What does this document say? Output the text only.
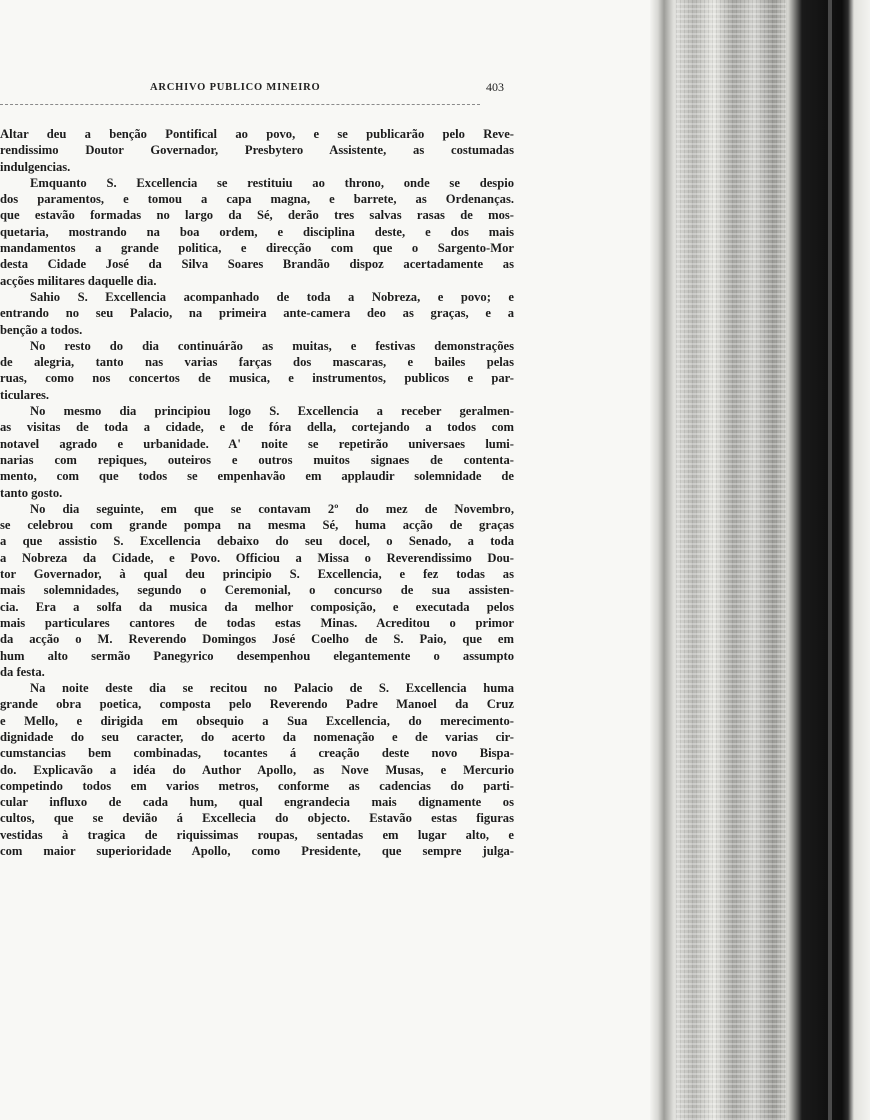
ARCHIVO PUBLICO MINEIRO	403
Altar deu a benção Pontifical ao povo, e se publicarão pelo Reve-
rendissimo Doutor Governador, Presbytero Assistente, as costumadas
indulgencias.
Emquanto S. Excellencia se restituiu ao throno, onde se despio
dos paramentos, e tomou a capa magna, e barrete, as Ordenanças.
que estavão formadas no largo da Sé, derão tres salvas rasas de mos-
quetaria, mostrando na boa ordem, e disciplina deste, e dos mais
mandamentos a grande politica, e direcção com que o Sargento-Mor
desta Cidade José da Silva Soares Brandão dispoz acertadamente as
acções militares daquelle dia.
Sahio S. Excellencia acompanhado de toda a Nobreza, e povo; e
entrando no seu Palacio, na primeira ante-camera deo as graças, e a
benção a todos.
No resto do dia continuárão as muitas, e festivas demonstrações
de alegria, tanto nas varias farças dos mascaras, e bailes pelas
ruas, como nos concertos de musica, e instrumentos, publicos e par-
ticulares.
No mesmo dia principiou logo S. Excellencia a receber geralmen-
as visitas de toda a cidade, e de fóra della, cortejando a todos com
notavel agrado e urbanidade. A' noite se repetirão universaes lumi-
narias com repiques, outeiros e outros muitos signaes de contenta-
mento, com que todos se empenhavão em applaudir solemnidade de
tanto gosto.
No dia seguinte, em que se contavam 2º do mez de Novembro,
se celebrou com grande pompa na mesma Sé, huma acção de graças
a que assistio S. Excellencia debaixo do seu docel, o Senado, a toda
a Nobreza da Cidade, e Povo. Officiou a Missa o Reverendissimo Dou-
tor Governador, à qual deu principio S. Excellencia, e fez todas as
mais solemnidades, segundo o Ceremonial, o concurso de sua assisten-
cia. Era a solfa da musica da melhor composição, e executada pelos
mais particulares cantores de todas estas Minas. Acreditou o primor
da acção o M. Reverendo Domingos José Coelho de S. Paio, que em
hum alto sermão Panegyrico desempenhou elegantemente o assumpto
da festa.
Na noite deste dia se recitou no Palacio de S. Excellencia huma
grande obra poetica, composta pelo Reverendo Padre Manoel da Cruz
e Mello, e dirigida em obsequio a Sua Excellencia, do merecimento-
dignidade do seu caracter, do acerto da nomenação e de varias cir-
cumstancias bem combinadas, tocantes á creação deste novo Bispa-
do. Explicavão a idéa do Author Apollo, as Nove Musas, e Mercurio
competindo todos em varios metros, conforme as cadencias do parti-
cular influxo de cada hum, qual engrandecia mais dignamente os
cultos, que se devião á Excellecia do objecto. Estavão estas figuras
vestidas à tragica de riquissimas roupas, sentadas em lugar alto, e
com maior superioridade Apollo, como Presidente, que sempre julga-
